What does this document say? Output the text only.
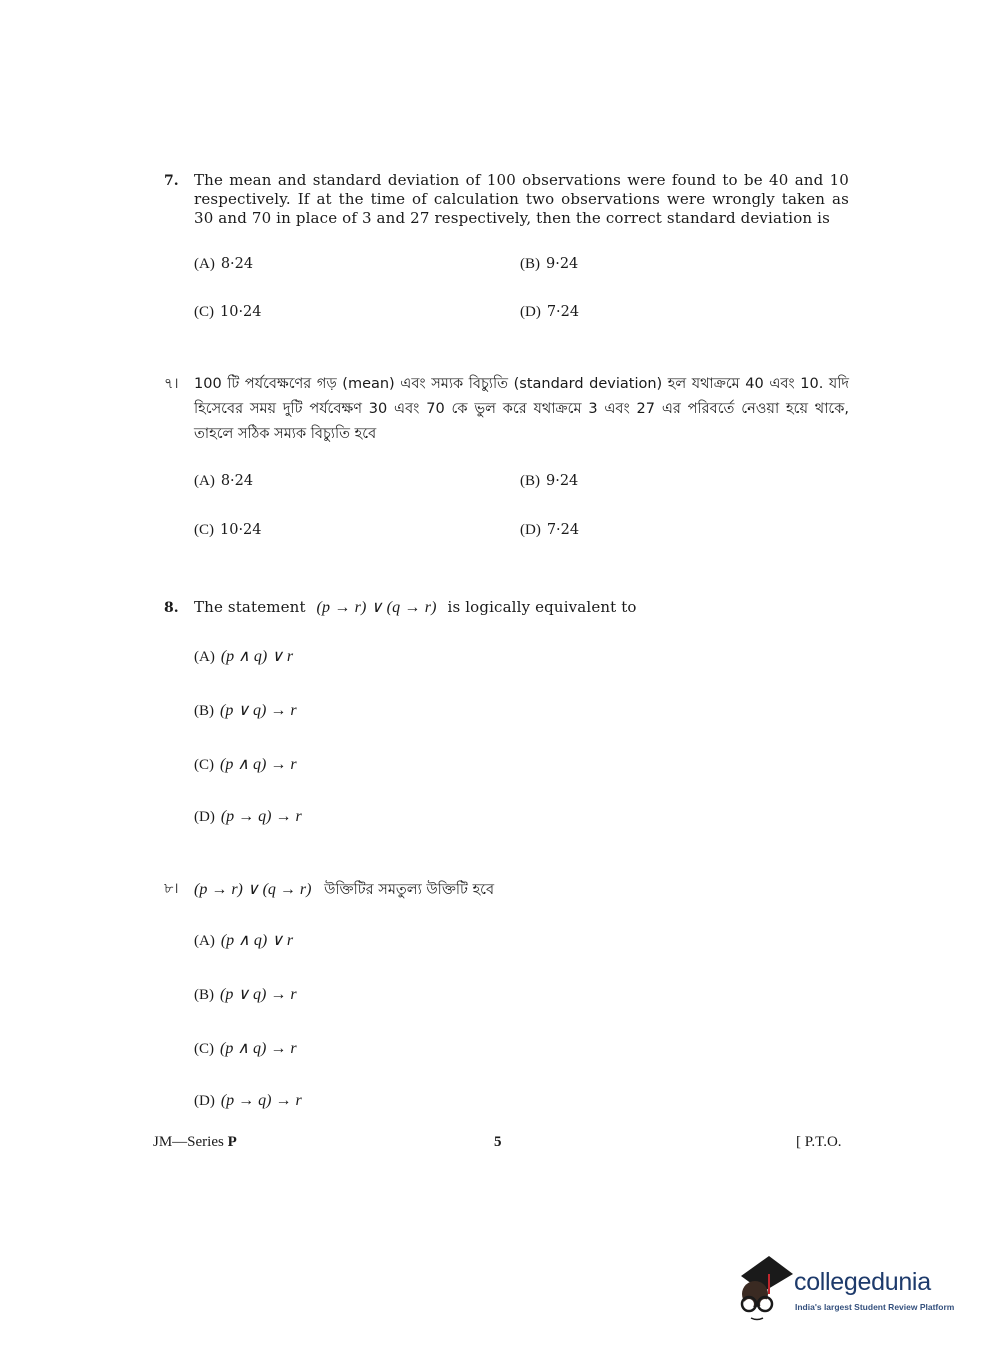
7. The mean and standard deviation of 100 observations were found to be 40 and 10 respectively. If at the time of calculation two observations were wrongly taken as 30 and 70 in place of 3 and 27 respectively, then the correct standard deviation is
(A) 8·24	(B) 9·24
(C) 10·24	(D) 7·24
৭। 100 টি পর্যবেক্ষণের গড় (mean) এবং সম্যক বিচ্যুতি (standard deviation) হল যথাক্রমে 40 এবং 10. যদি হিসেবের সময় দুটি পর্যবেক্ষণ 30 এবং 70 কে ভুল করে যথাক্রমে 3 এবং 27 এর পরিবর্তে নেওয়া হয়ে থাকে, তাহলে সঠিক সম্যক বিচ্যুতি হবে
(A) 8·24	(B) 9·24
(C) 10·24	(D) 7·24
8. The statement (p → r) ∨ (q → r) is logically equivalent to
(A) (p ∧ q) ∨ r
(B) (p ∨ q) → r
(C) (p ∧ q) → r
(D) (p → q) → r
৮। (p → r) ∨ (q → r) উক্তিটির সমতুল্য উক্তিটি হবে
(A) (p ∧ q) ∨ r
(B) (p ∨ q) → r
(C) (p ∧ q) → r
(D) (p → q) → r
JM—Series P	5	[ P.T.O.
collegedunia
India's largest Student Review Platform
